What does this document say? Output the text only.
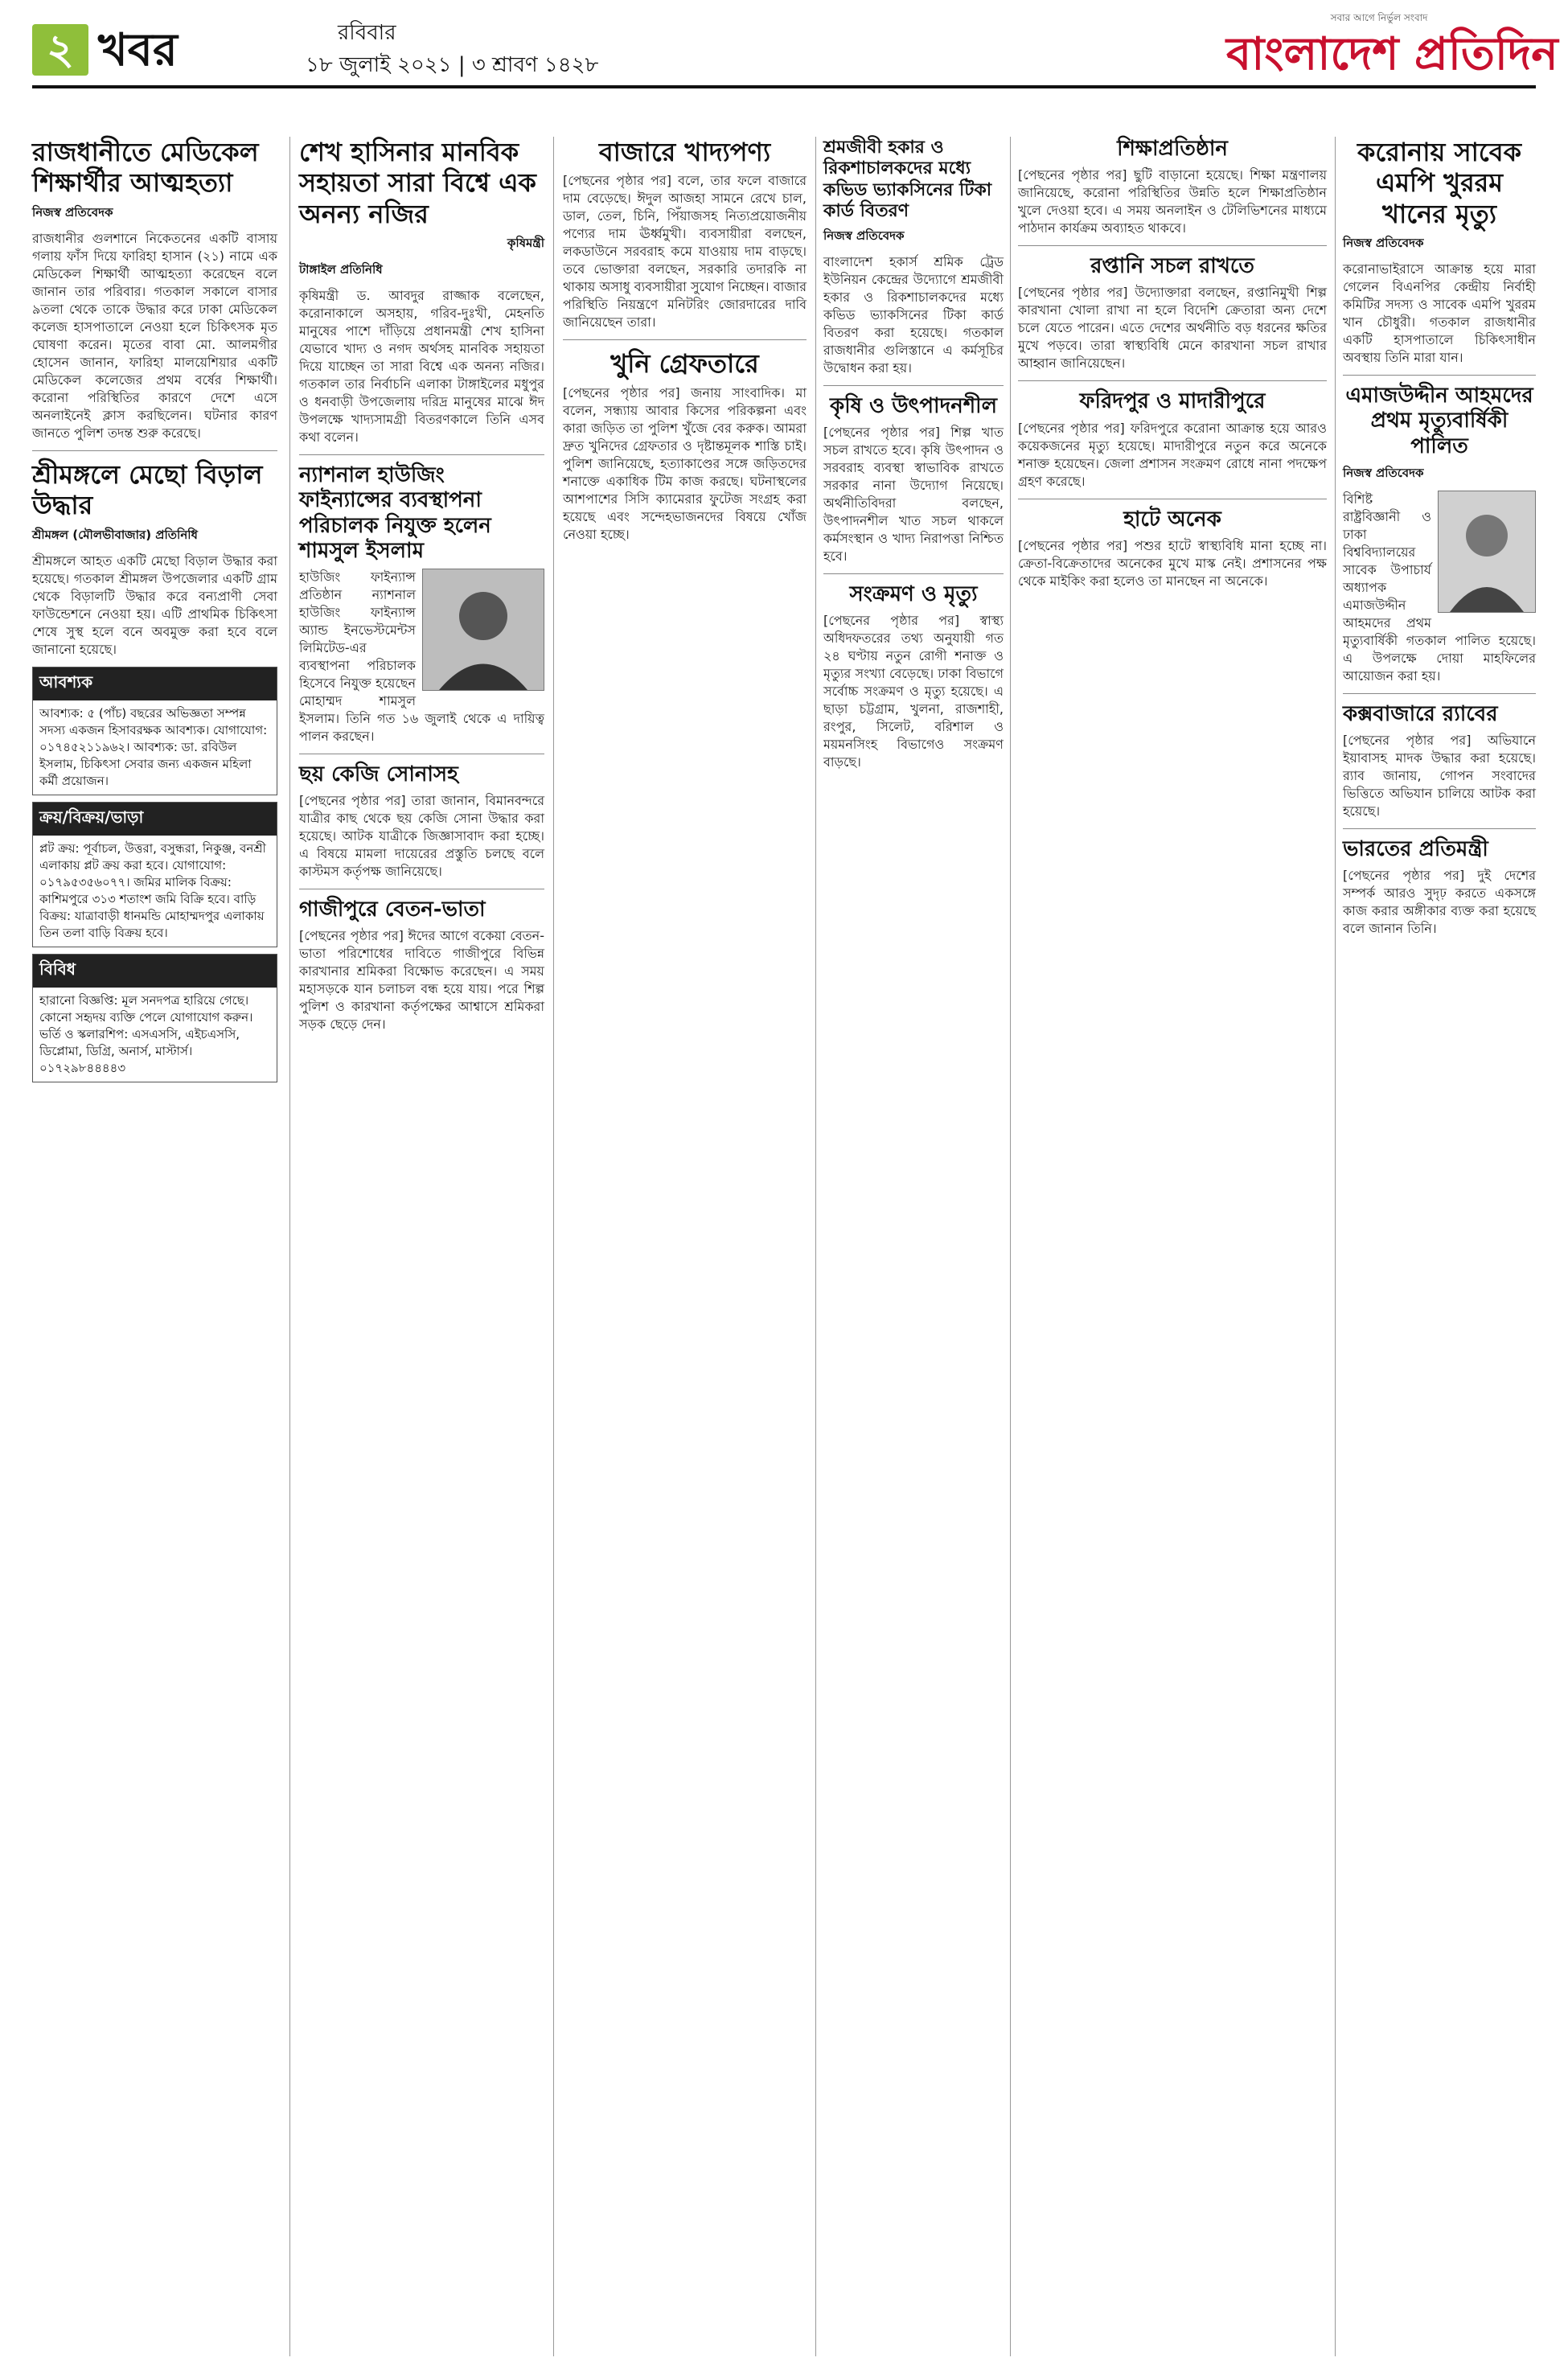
২ খবর	রবিবার
১৮ জুলাই ২০২১ | ৩ শ্রাবণ ১৪২৮
সবার আগে নির্ভুল সংবাদ
বাংলাদেশ প্রতিদিন
রাজধানীতে মেডিকেল শিক্ষার্থীর আত্মহত্যা
নিজস্ব প্রতিবেদক
রাজধানীর গুলশানে নিকেতনের একটি বাসায় গলায় ফাঁস দিয়ে ফারিহা হাসান (২১) নামে এক মেডিকেল শিক্ষার্থী আত্মহত্যা করেছেন বলে জানান তার পরিবার। গতকাল সকালে বাসার ৯তলা থেকে তাকে উদ্ধার করে ঢাকা মেডিকেল কলেজ হাসপাতালে নেওয়া হলে চিকিৎসক মৃত ঘোষণা করেন। মৃতের বাবা মো. আলমগীর হোসেন জানান, ফারিহা মালয়েশিয়ার একটি মেডিকেল কলেজের প্রথম বর্ষের শিক্ষার্থী। করোনা পরিস্থিতির কারণে দেশে এসে অনলাইনেই ক্লাস করছিলেন। ঘটনার কারণ জানতে পুলিশ তদন্ত শুরু করেছে।
শ্রীমঙ্গলে মেছো বিড়াল উদ্ধার
শ্রীমঙ্গল (মৌলভীবাজার) প্রতিনিধি
শ্রীমঙ্গলে আহত একটি মেছো বিড়াল উদ্ধার করা হয়েছে। গতকাল শ্রীমঙ্গল উপজেলার একটি গ্রাম থেকে বিড়ালটি উদ্ধার করে বন্যপ্রাণী সেবা ফাউন্ডেশনে নেওয়া হয়। এটি প্রাথমিক চিকিৎসা শেষে সুস্থ হলে বনে অবমুক্ত করা হবে বলে জানানো হয়েছে।
আবশ্যক
আবশ্যক: ৫ (পাঁচ) বছরের অভিজ্ঞতা সম্পন্ন সদস্য একজন হিসাবরক্ষক আবশ্যক। যোগাযোগ: ০১৭৪৫২১১৯৬২। আবশ্যক: ডা. রবিউল ইসলাম, চিকিৎসা সেবার জন্য একজন মহিলা কর্মী প্রয়োজন।
ক্রয়/বিক্রয়/ভাড়া
প্লট ক্রয়: পূর্বাচল, উত্তরা, বসুন্ধরা, নিকুঞ্জ, বনশ্রী এলাকায় প্লট ক্রয় করা হবে। যোগাযোগ: ০১৭৯৫৩৫৬০৭৭। জমির মালিক বিক্রয়: কাশিমপুরে ৩১৩ শতাংশ জমি বিক্রি হবে। বাড়ি বিক্রয়: যাত্রাবাড়ী ধানমন্ডি মোহাম্মদপুর এলাকায় তিন তলা বাড়ি বিক্রয় হবে।
বিবিধ
হারানো বিজ্ঞপ্তি: মূল সনদপত্র হারিয়ে গেছে। কোনো সহৃদয় ব্যক্তি পেলে যোগাযোগ করুন। ভর্তি ও স্কলারশিপ: এসএসসি, এইচএসসি, ডিপ্লোমা, ডিগ্রি, অনার্স, মাস্টার্স। ০১৭২৯৮৪৪৪৪৩
শেখ হাসিনার মানবিক সহায়তা সারা বিশ্বে এক অনন্য নজির
কৃষিমন্ত্রী
টাঙ্গাইল প্রতিনিধি
কৃষিমন্ত্রী ড. আবদুর রাজ্জাক বলেছেন, করোনাকালে অসহায়, গরিব-দুঃখী, মেহনতি মানুষের পাশে দাঁড়িয়ে প্রধানমন্ত্রী শেখ হাসিনা যেভাবে খাদ্য ও নগদ অর্থসহ মানবিক সহায়তা দিয়ে যাচ্ছেন তা সারা বিশ্বে এক অনন্য নজির। গতকাল তার নির্বাচনি এলাকা টাঙ্গাইলের মধুপুর ও ধনবাড়ী উপজেলায় দরিদ্র মানুষের মাঝে ঈদ উপলক্ষে খাদ্যসামগ্রী বিতরণকালে তিনি এসব কথা বলেন।
ন্যাশনাল হাউজিং ফাইন্যান্সের ব্যবস্থাপনা পরিচালক নিযুক্ত হলেন শামসুল ইসলাম
হাউজিং ফাইন্যান্স প্রতিষ্ঠান ন্যাশনাল হাউজিং ফাইন্যান্স অ্যান্ড ইনভেস্টমেন্টস লিমিটেড-এর ব্যবস্থাপনা পরিচালক হিসেবে নিযুক্ত হয়েছেন মোহাম্মদ শামসুল ইসলাম। তিনি গত ১৬ জুলাই থেকে এ দায়িত্ব পালন করছেন।
ছয় কেজি সোনাসহ
[পেছনের পৃষ্ঠার পর] তারা জানান, বিমানবন্দরে যাত্রীর কাছ থেকে ছয় কেজি সোনা উদ্ধার করা হয়েছে। আটক যাত্রীকে জিজ্ঞাসাবাদ করা হচ্ছে। এ বিষয়ে মামলা দায়েরের প্রস্তুতি চলছে বলে কাস্টমস কর্তৃপক্ষ জানিয়েছে।
গাজীপুরে বেতন-ভাতা
[পেছনের পৃষ্ঠার পর] ঈদের আগে বকেয়া বেতন-ভাতা পরিশোধের দাবিতে গাজীপুরে বিভিন্ন কারখানার শ্রমিকরা বিক্ষোভ করেছেন। এ সময় মহাসড়কে যান চলাচল বন্ধ হয়ে যায়। পরে শিল্প পুলিশ ও কারখানা কর্তৃপক্ষের আশ্বাসে শ্রমিকরা সড়ক ছেড়ে দেন।
বাজারে খাদ্যপণ্য
[পেছনের পৃষ্ঠার পর] বলে, তার ফলে বাজারে দাম বেড়েছে। ঈদুল আজহা সামনে রেখে চাল, ডাল, তেল, চিনি, পিঁয়াজসহ নিত্যপ্রয়োজনীয় পণ্যের দাম ঊর্ধ্বমুখী। ব্যবসায়ীরা বলছেন, লকডাউনে সরবরাহ কমে যাওয়ায় দাম বাড়ছে। তবে ভোক্তারা বলছেন, সরকারি তদারকি না থাকায় অসাধু ব্যবসায়ীরা সুযোগ নিচ্ছেন। বাজার পরিস্থিতি নিয়ন্ত্রণে মনিটরিং জোরদারের দাবি জানিয়েছেন তারা।
খুনি গ্রেফতারে
[পেছনের পৃষ্ঠার পর] জনায় সাংবাদিক। মা বলেন, সন্ধ্যায় আবার কিসের পরিকল্পনা এবং কারা জড়িত তা পুলিশ খুঁজে বের করুক। আমরা দ্রুত খুনিদের গ্রেফতার ও দৃষ্টান্তমূলক শাস্তি চাই। পুলিশ জানিয়েছে, হত্যাকাণ্ডের সঙ্গে জড়িতদের শনাক্তে একাধিক টিম কাজ করছে। ঘটনাস্থলের আশপাশের সিসি ক্যামেরার ফুটেজ সংগ্রহ করা হয়েছে এবং সন্দেহভাজনদের বিষয়ে খোঁজ নেওয়া হচ্ছে।
শ্রমজীবী হকার ও রিকশাচালকদের মধ্যে কভিড ভ্যাকসিনের টিকা কার্ড বিতরণ
নিজস্ব প্রতিবেদক
বাংলাদেশ হকার্স শ্রমিক ট্রেড ইউনিয়ন কেন্দ্রের উদ্যোগে শ্রমজীবী হকার ও রিকশাচালকদের মধ্যে কভিড ভ্যাকসিনের টিকা কার্ড বিতরণ করা হয়েছে। গতকাল রাজধানীর গুলিস্তানে এ কর্মসূচির উদ্বোধন করা হয়।
কৃষি ও উৎপাদনশীল
[পেছনের পৃষ্ঠার পর] শিল্প খাত সচল রাখতে হবে। কৃষি উৎপাদন ও সরবরাহ ব্যবস্থা স্বাভাবিক রাখতে সরকার নানা উদ্যোগ নিয়েছে। অর্থনীতিবিদরা বলছেন, উৎপাদনশীল খাত সচল থাকলে কর্মসংস্থান ও খাদ্য নিরাপত্তা নিশ্চিত হবে।
সংক্রমণ ও মৃত্যু
[পেছনের পৃষ্ঠার পর] স্বাস্থ্য অধিদফতরের তথ্য অনুযায়ী গত ২৪ ঘণ্টায় নতুন রোগী শনাক্ত ও মৃত্যুর সংখ্যা বেড়েছে। ঢাকা বিভাগে সর্বোচ্চ সংক্রমণ ও মৃত্যু হয়েছে। এ ছাড়া চট্টগ্রাম, খুলনা, রাজশাহী, রংপুর, সিলেট, বরিশাল ও ময়মনসিংহ বিভাগেও সংক্রমণ বাড়ছে।
শিক্ষাপ্রতিষ্ঠান
[পেছনের পৃষ্ঠার পর] ছুটি বাড়ানো হয়েছে। শিক্ষা মন্ত্রণালয় জানিয়েছে, করোনা পরিস্থিতির উন্নতি হলে শিক্ষাপ্রতিষ্ঠান খুলে দেওয়া হবে। এ সময় অনলাইন ও টেলিভিশনের মাধ্যমে পাঠদান কার্যক্রম অব্যাহত থাকবে।
রপ্তানি সচল রাখতে
[পেছনের পৃষ্ঠার পর] উদ্যোক্তারা বলছেন, রপ্তানিমুখী শিল্প কারখানা খোলা রাখা না হলে বিদেশি ক্রেতারা অন্য দেশে চলে যেতে পারেন। এতে দেশের অর্থনীতি বড় ধরনের ক্ষতির মুখে পড়বে। তারা স্বাস্থ্যবিধি মেনে কারখানা সচল রাখার আহ্বান জানিয়েছেন।
ফরিদপুর ও মাদারীপুরে
[পেছনের পৃষ্ঠার পর] ফরিদপুরে করোনা আক্রান্ত হয়ে আরও কয়েকজনের মৃত্যু হয়েছে। মাদারীপুরে নতুন করে অনেকে শনাক্ত হয়েছেন। জেলা প্রশাসন সংক্রমণ রোধে নানা পদক্ষেপ গ্রহণ করেছে।
হাটে অনেক
[পেছনের পৃষ্ঠার পর] পশুর হাটে স্বাস্থ্যবিধি মানা হচ্ছে না। ক্রেতা-বিক্রেতাদের অনেকের মুখে মাস্ক নেই। প্রশাসনের পক্ষ থেকে মাইকিং করা হলেও তা মানছেন না অনেকে।
করোনায় সাবেক এমপি খুররম খানের মৃত্যু
নিজস্ব প্রতিবেদক
করোনাভাইরাসে আক্রান্ত হয়ে মারা গেলেন বিএনপির কেন্দ্রীয় নির্বাহী কমিটির সদস্য ও সাবেক এমপি খুররম খান চৌধুরী। গতকাল রাজধানীর একটি হাসপাতালে চিকিৎসাধীন অবস্থায় তিনি মারা যান।
এমাজউদ্দীন আহমদের প্রথম মৃত্যুবার্ষিকী পালিত
নিজস্ব প্রতিবেদক
বিশিষ্ট রাষ্ট্রবিজ্ঞানী ও ঢাকা বিশ্ববিদ্যালয়ের সাবেক উপাচার্য অধ্যাপক এমাজউদ্দীন আহমদের প্রথম মৃত্যুবার্ষিকী গতকাল পালিত হয়েছে। এ উপলক্ষে দোয়া মাহফিলের আয়োজন করা হয়।
কক্সবাজারে র‍্যাবের
[পেছনের পৃষ্ঠার পর] অভিযানে ইয়াবাসহ মাদক উদ্ধার করা হয়েছে। র‍্যাব জানায়, গোপন সংবাদের ভিত্তিতে অভিযান চালিয়ে আটক করা হয়েছে।
ভারতের প্রতিমন্ত্রী
[পেছনের পৃষ্ঠার পর] দুই দেশের সম্পর্ক আরও সুদৃঢ় করতে একসঙ্গে কাজ করার অঙ্গীকার ব্যক্ত করা হয়েছে বলে জানান তিনি।
